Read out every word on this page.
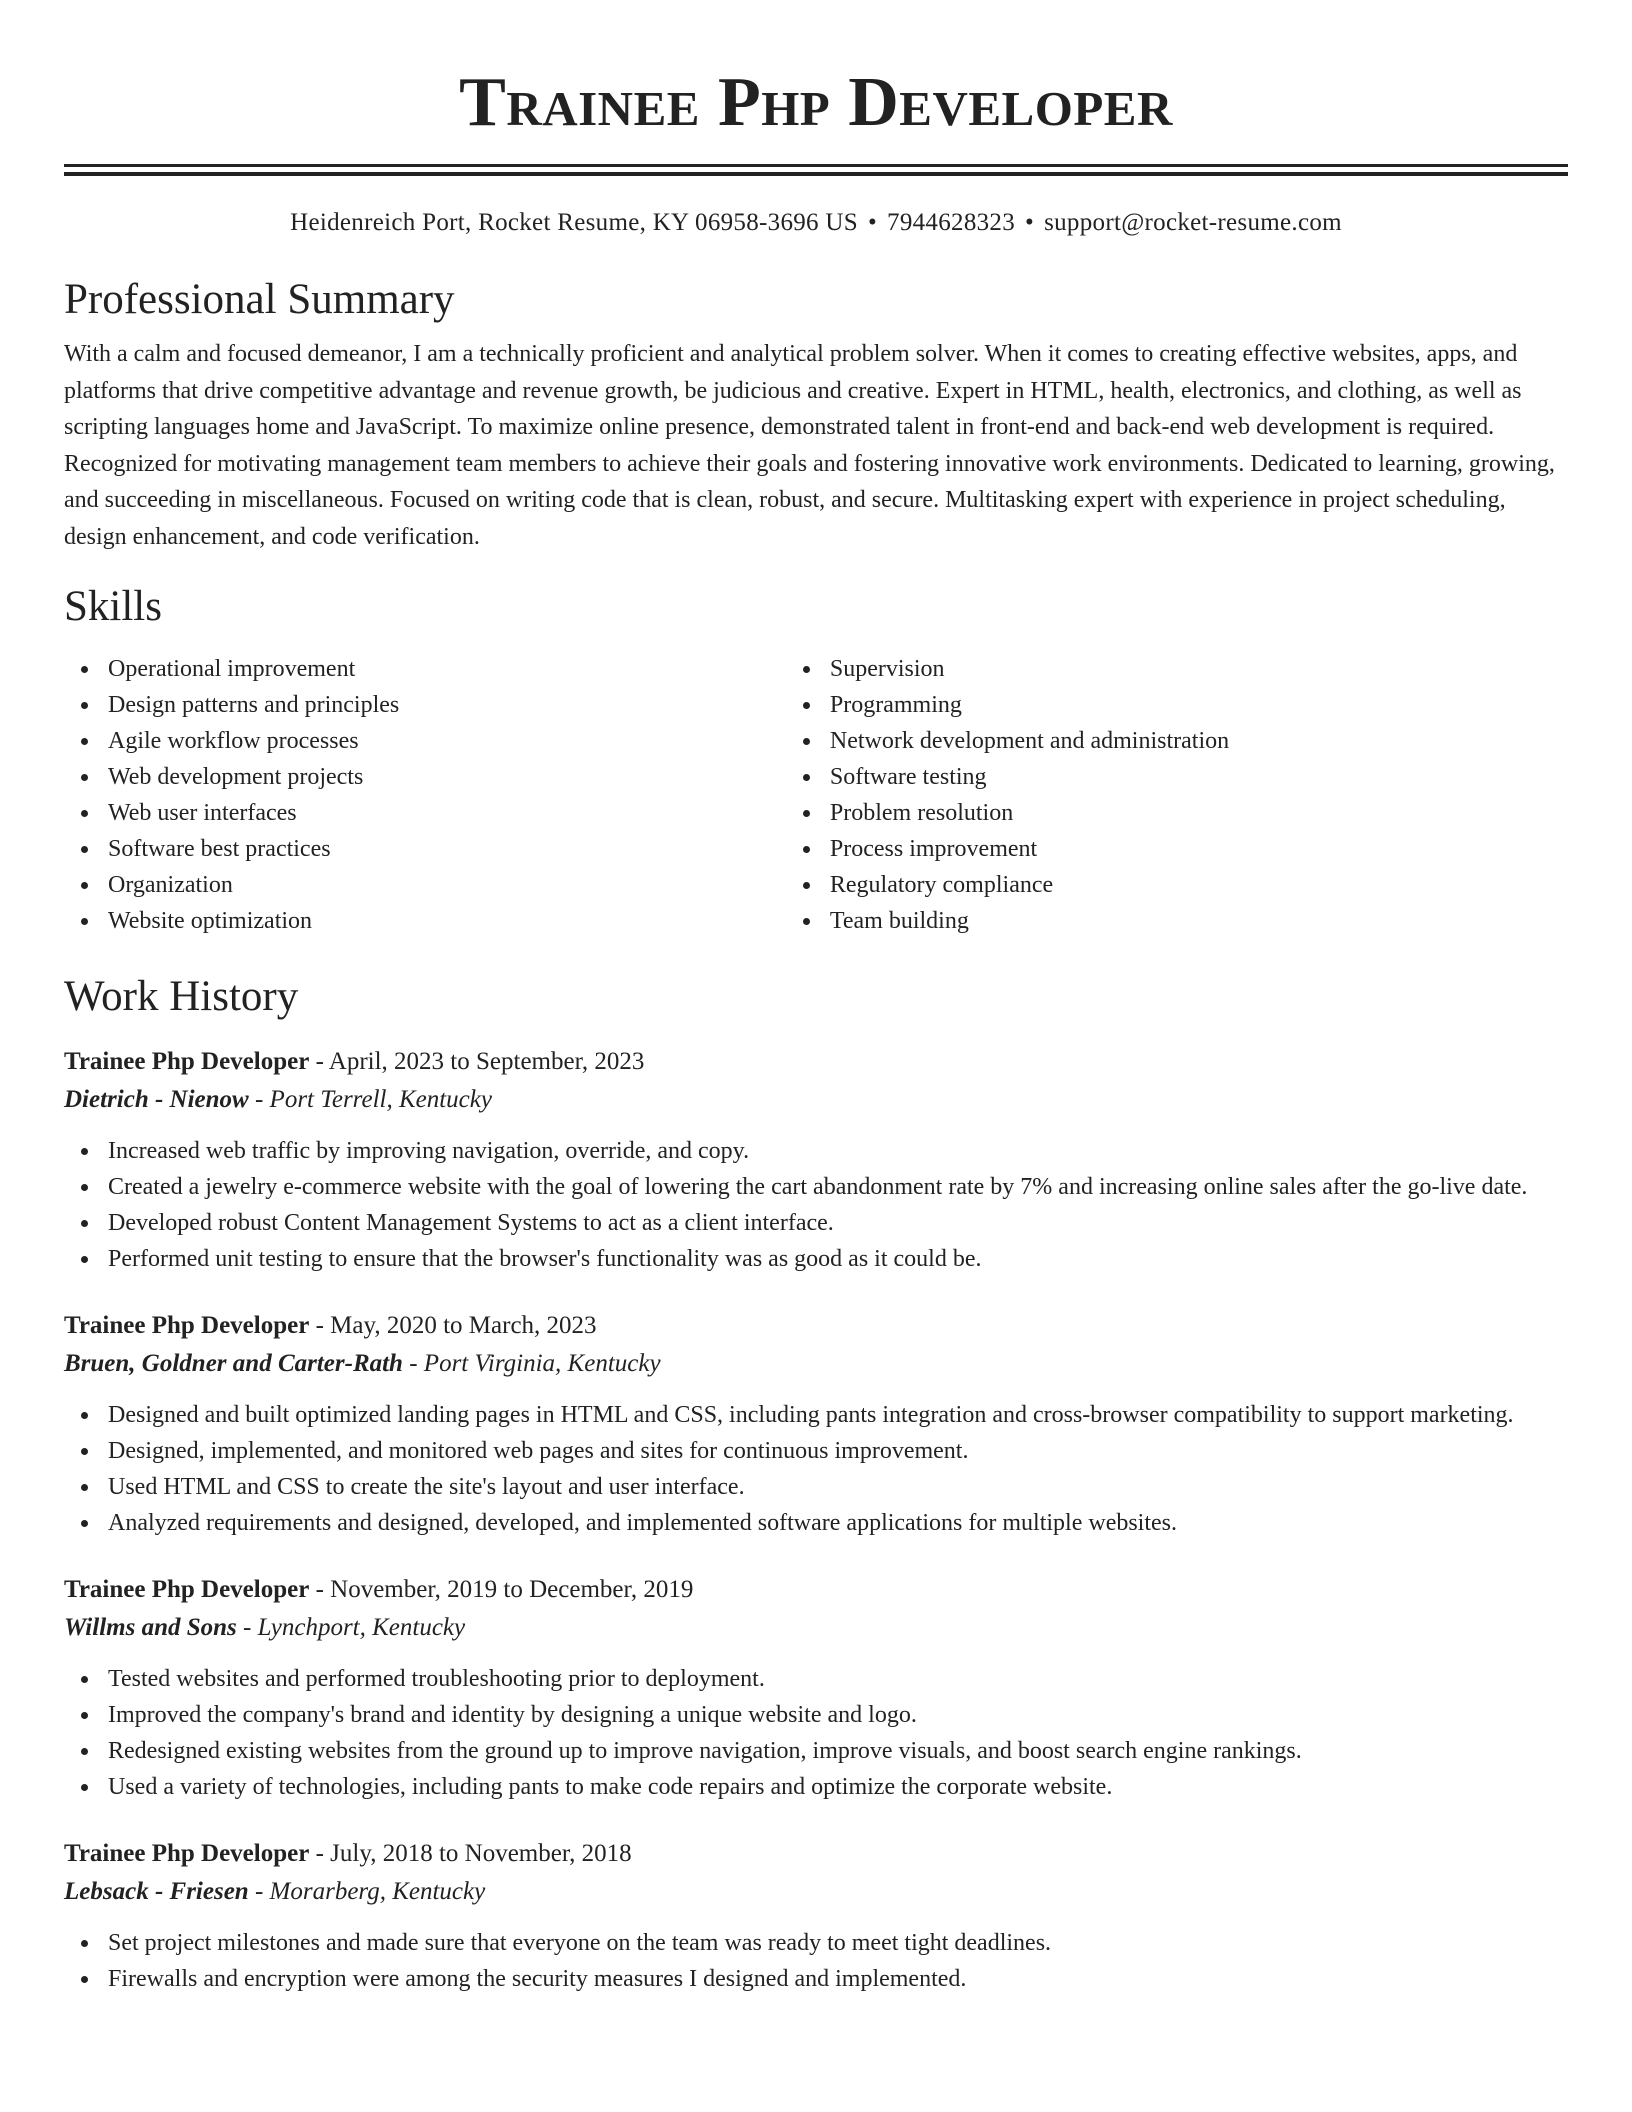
Trainee Php Developer
Heidenreich Port, Rocket Resume, KY 06958-3696 US • 7944628323 • support@rocket-resume.com
Professional Summary

With a calm and focused demeanor, I am a technically proficient and analytical problem solver. When it comes to creating effective websites, apps, and platforms that drive competitive advantage and revenue growth, be judicious and creative. Expert in HTML, health, electronics, and clothing, as well as scripting languages home and JavaScript. To maximize online presence, demonstrated talent in front-end and back-end web development is required. Recognized for motivating management team members to achieve their goals and fostering innovative work environments. Dedicated to learning, growing, and succeeding in miscellaneous. Focused on writing code that is clean, robust, and secure. Multitasking expert with experience in project scheduling, design enhancement, and code verification.

Skills
Operational improvement
Design patterns and principles
Agile workflow processes
Web development projects
Web user interfaces
Software best practices
Organization
Website optimization
Supervision
Programming
Network development and administration
Software testing
Problem resolution
Process improvement
Regulatory compliance
Team building
Work History
Trainee Php Developer - April, 2023 to September, 2023
Dietrich - Nienow - Port Terrell, Kentucky
Increased web traffic by improving navigation, override, and copy.
Created a jewelry e-commerce website with the goal of lowering the cart abandonment rate by 7% and increasing online sales after the go-live date.
Developed robust Content Management Systems to act as a client interface.
Performed unit testing to ensure that the browser's functionality was as good as it could be.
Trainee Php Developer - May, 2020 to March, 2023
Bruen, Goldner and Carter-Rath - Port Virginia, Kentucky
Designed and built optimized landing pages in HTML and CSS, including pants integration and cross-browser compatibility to support marketing.
Designed, implemented, and monitored web pages and sites for continuous improvement.
Used HTML and CSS to create the site's layout and user interface.
Analyzed requirements and designed, developed, and implemented software applications for multiple websites.
Trainee Php Developer - November, 2019 to December, 2019
Willms and Sons - Lynchport, Kentucky
Tested websites and performed troubleshooting prior to deployment.
Improved the company's brand and identity by designing a unique website and logo.
Redesigned existing websites from the ground up to improve navigation, improve visuals, and boost search engine rankings.
Used a variety of technologies, including pants to make code repairs and optimize the corporate website.
Trainee Php Developer - July, 2018 to November, 2018
Lebsack - Friesen - Morarberg, Kentucky
Set project milestones and made sure that everyone on the team was ready to meet tight deadlines.
Firewalls and encryption were among the security measures I designed and implemented.
